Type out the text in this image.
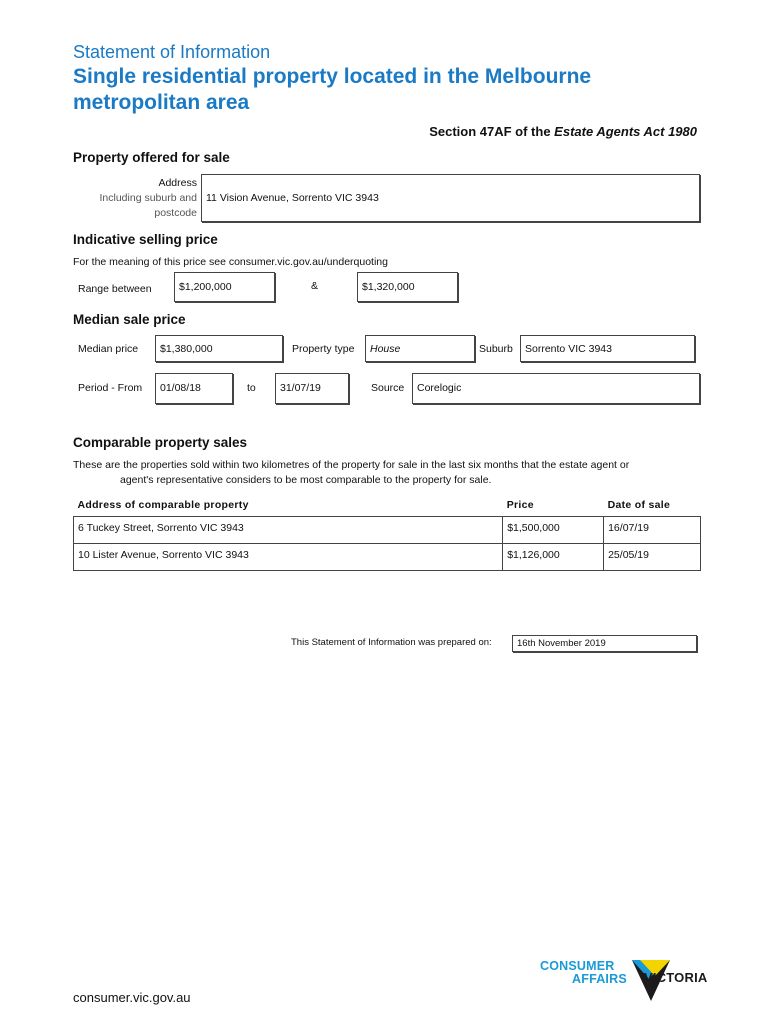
Statement of Information
Single residential property located in the Melbourne metropolitan area
Section 47AF of the Estate Agents Act 1980
Property offered for sale
Address
Including suburb and
postcode
11 Vision Avenue, Sorrento VIC 3943
Indicative selling price
For the meaning of this price see consumer.vic.gov.au/underquoting
Range between	$1,200,000	&	$1,320,000
Median sale price
Median price	$1,380,000	Property type	House	Suburb	Sorrento VIC 3943
Period - From	01/08/18	to	31/07/19	Source	Corelogic
Comparable property sales
These are the properties sold within two kilometres of the property for sale in the last six months that the estate agent or
agent's representative considers to be most comparable to the property for sale.
Address of comparable property	Price	Date of sale
6 Tuckey Street, Sorrento VIC 3943	$1,500,000	16/07/19
10 Lister Avenue, Sorrento VIC 3943	$1,126,000	25/05/19
This Statement of Information was prepared on:	16th November 2019
consumer.vic.gov.au
CONSUMER
AFFAIRS VICTORIA
